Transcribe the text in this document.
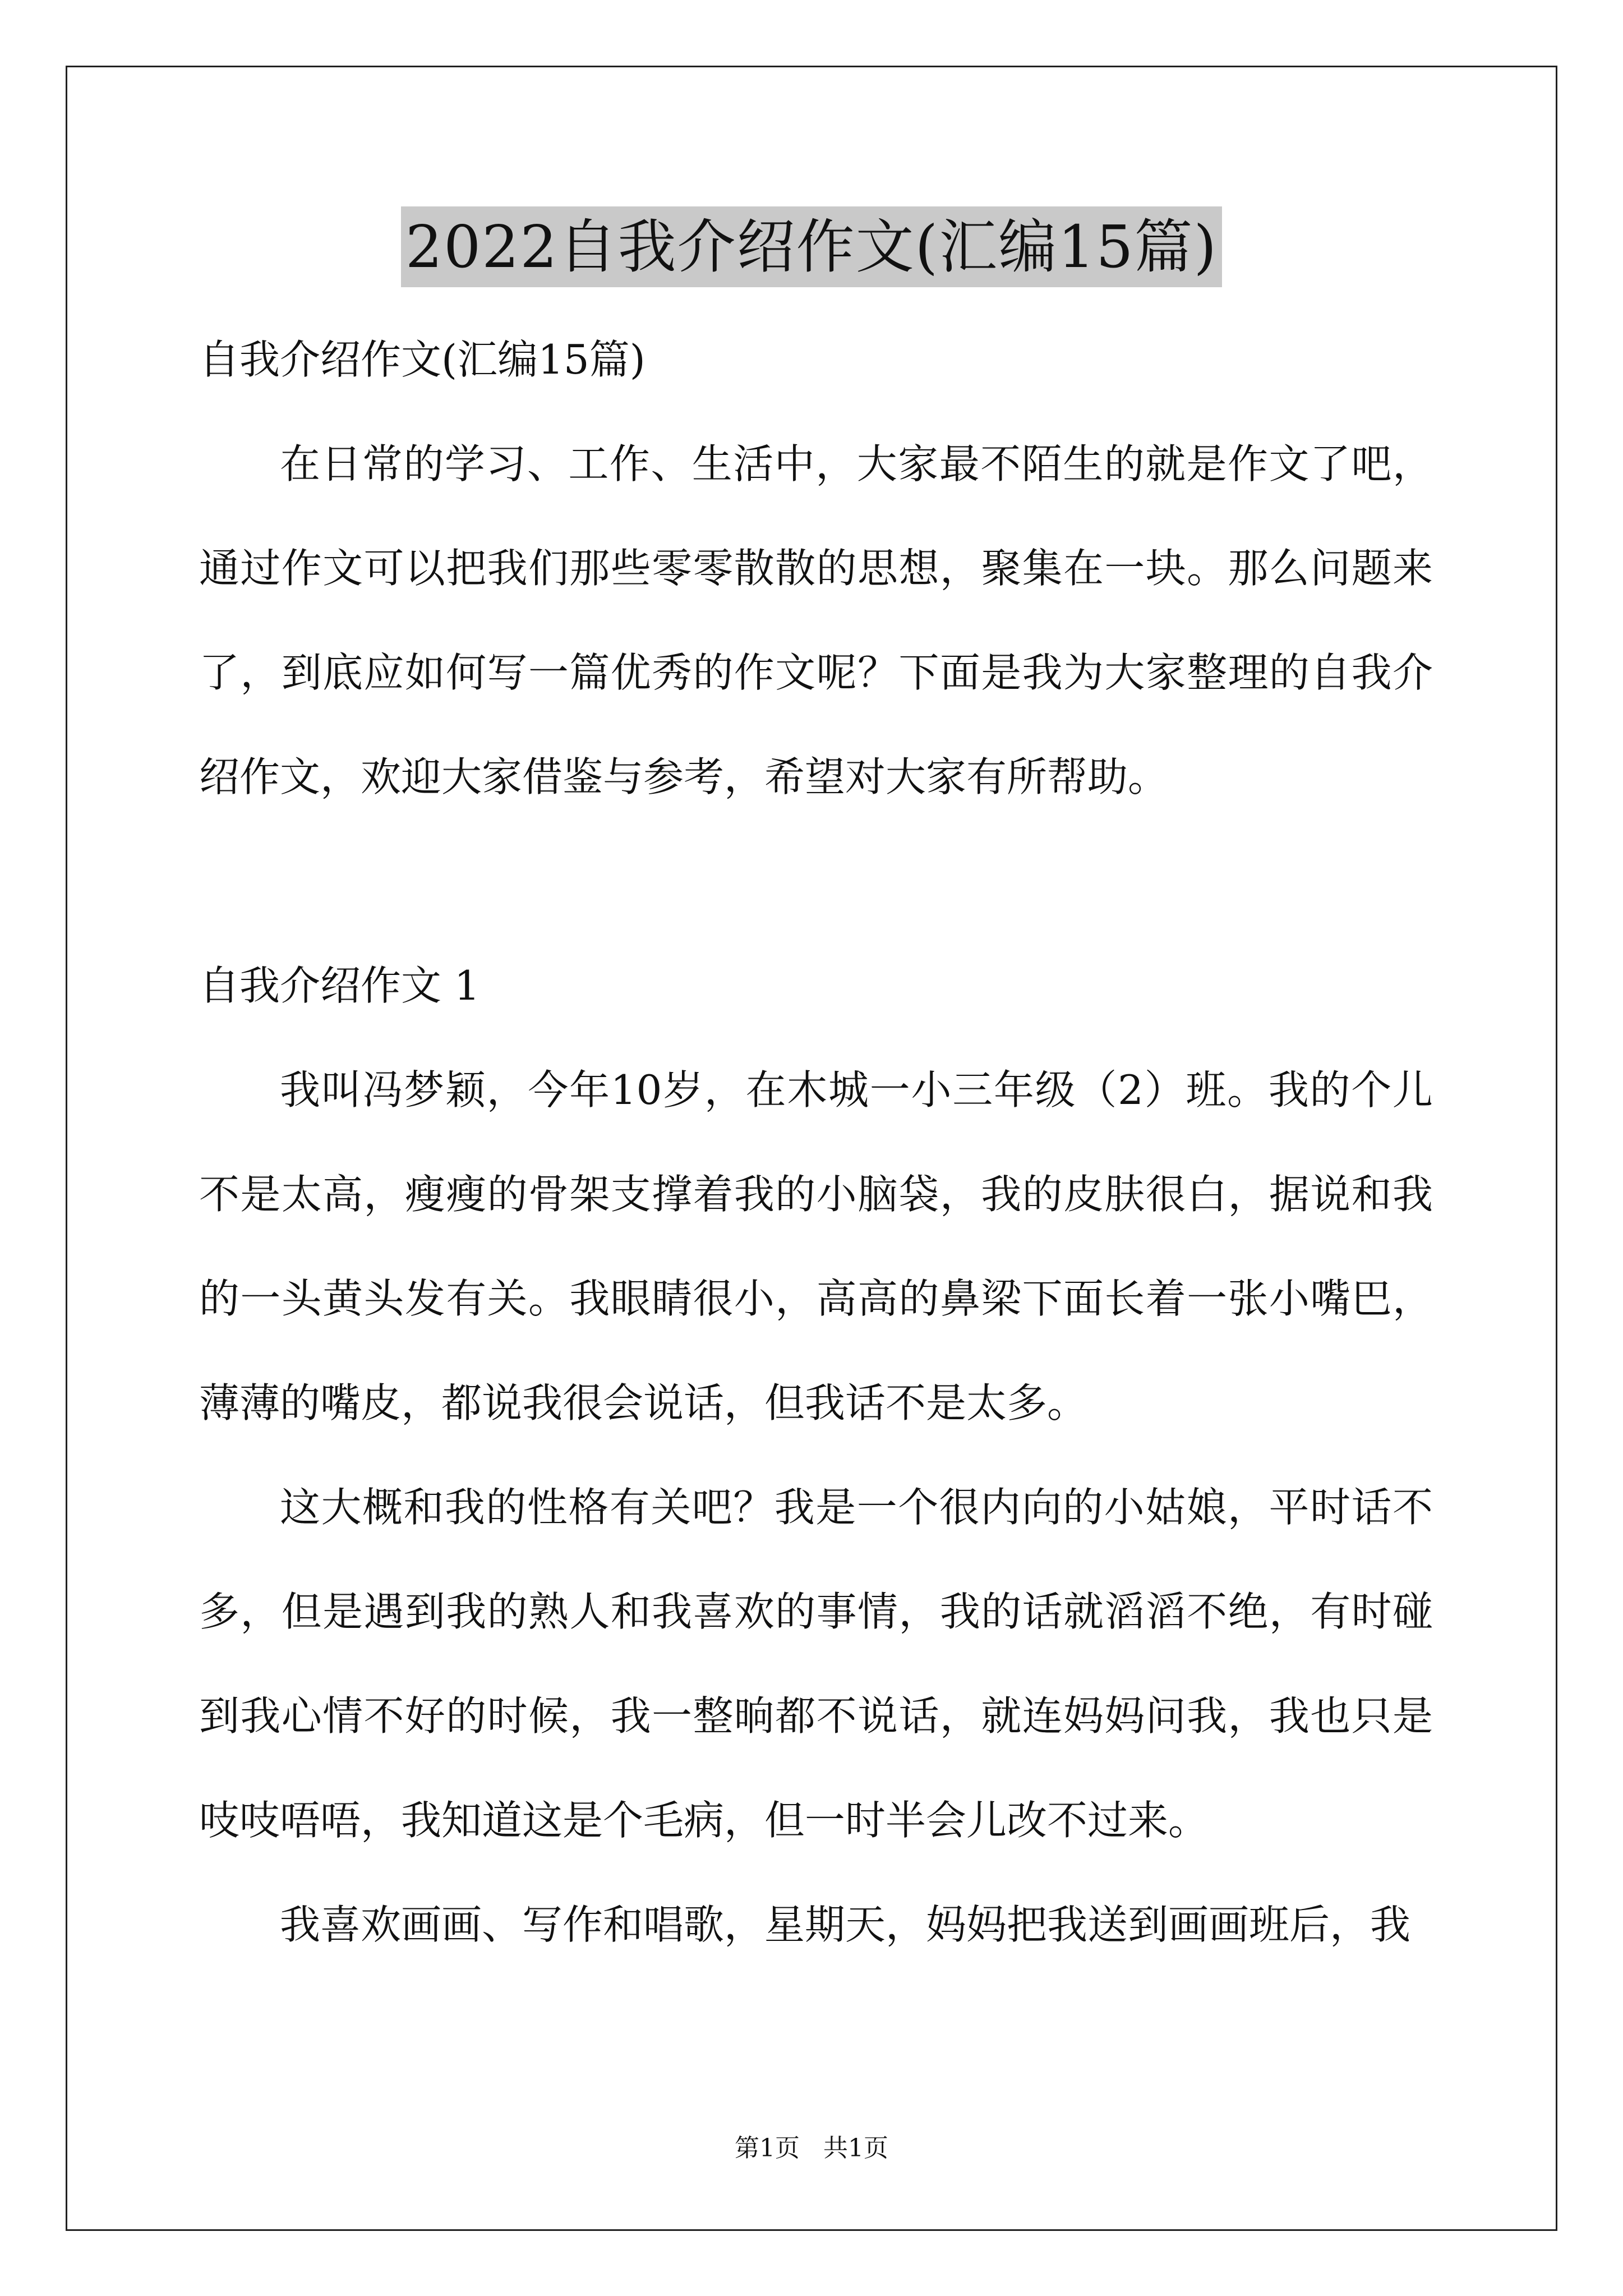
2022自我介绍作文(汇编15篇)

自我介绍作文(汇编15篇)

在日常的学习、工作、生活中，大家最不陌生的就是作文了吧，通过作文可以把我们那些零零散散的思想，聚集在一块。那么问题来了，到底应如何写一篇优秀的作文呢？下面是我为大家整理的自我介绍作文，欢迎大家借鉴与参考，希望对大家有所帮助。

自我介绍作文 1

我叫冯梦颖，今年10岁，在木城一小三年级（2）班。我的个儿不是太高，瘦瘦的骨架支撑着我的小脑袋，我的皮肤很白，据说和我的一头黄头发有关。我眼睛很小，高高的鼻梁下面长着一张小嘴巴，薄薄的嘴皮，都说我很会说话，但我话不是太多。

这大概和我的性格有关吧？我是一个很内向的小姑娘，平时话不多，但是遇到我的熟人和我喜欢的事情，我的话就滔滔不绝，有时碰到我心情不好的时候，我一整晌都不说话，就连妈妈问我，我也只是吱吱唔唔，我知道这是个毛病，但一时半会儿改不过来。

我喜欢画画、写作和唱歌，星期天，妈妈把我送到画画班后，我

第1页   共1页
